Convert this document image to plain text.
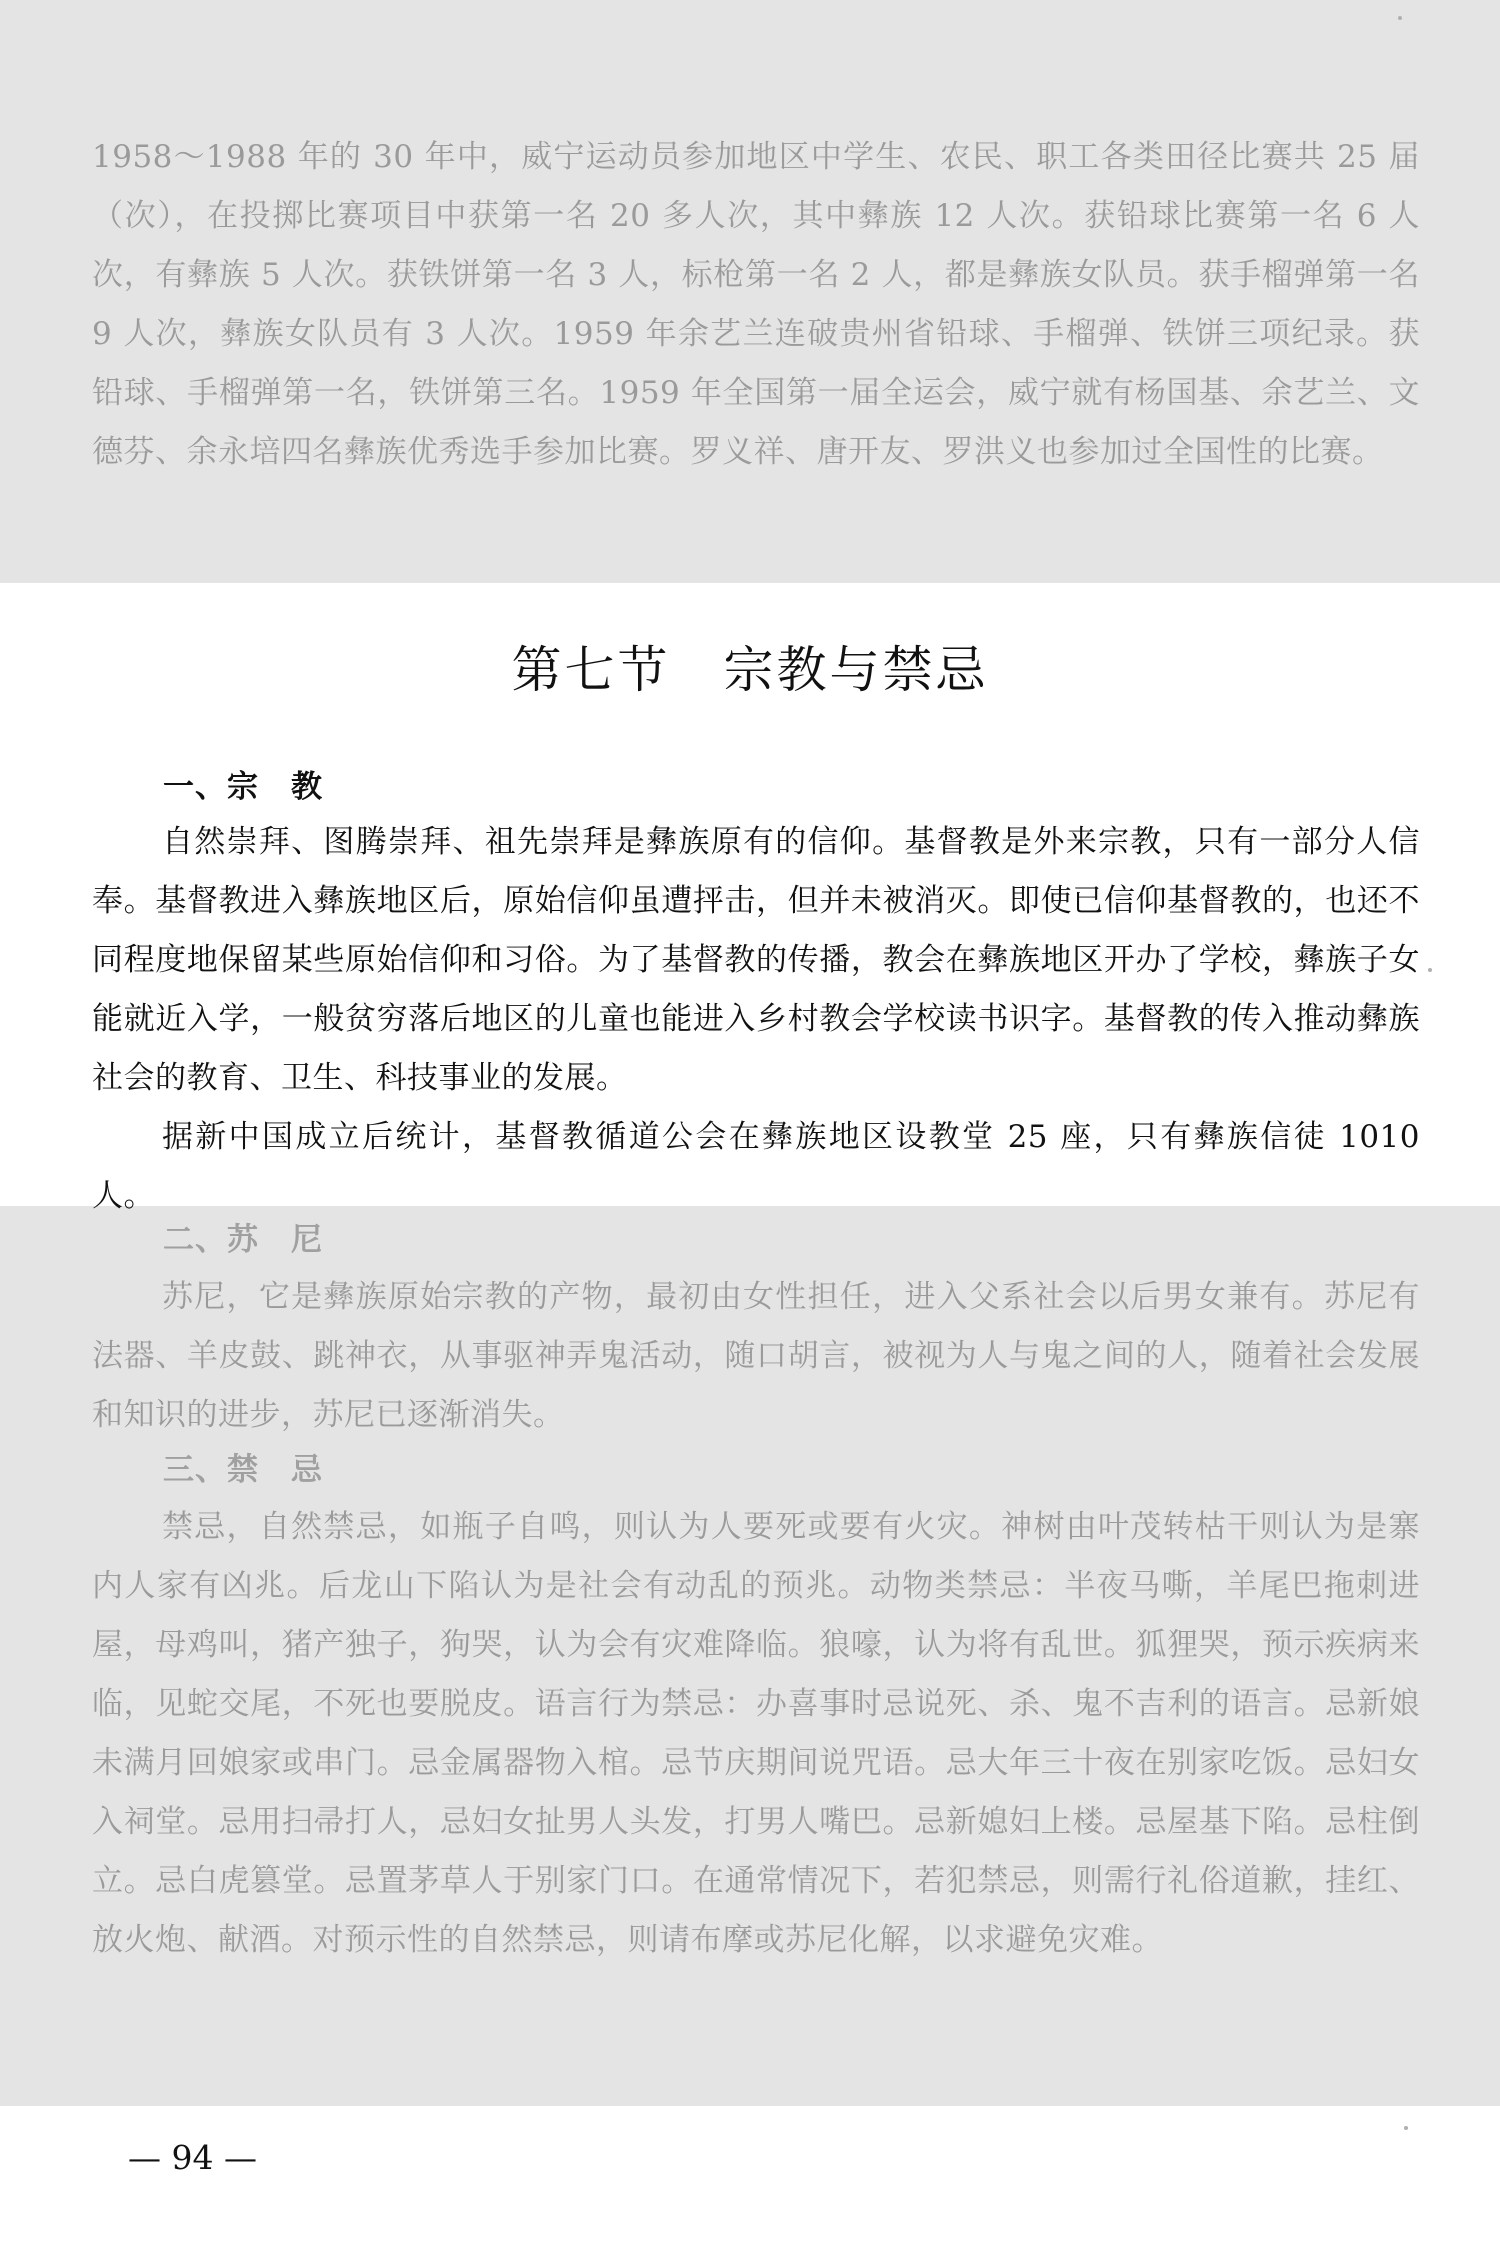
1958～1988 年的 30 年中，威宁运动员参加地区中学生、农民、职工各类田径比赛共 25 届（次），在投掷比赛项目中获第一名 20 多人次，其中彝族 12 人次。获铅球比赛第一名 6 人次，有彝族 5 人次。获铁饼第一名 3 人，标枪第一名 2 人，都是彝族女队员。获手榴弹第一名 9 人次，彝族女队员有 3 人次。1959 年余艺兰连破贵州省铅球、手榴弹、铁饼三项纪录。获铅球、手榴弹第一名，铁饼第三名。1959 年全国第一届全运会，威宁就有杨国基、余艺兰、文德芬、余永培四名彝族优秀选手参加比赛。罗义祥、唐开友、罗洪义也参加过全国性的比赛。

第七节　宗教与禁忌
一、宗　教

自然崇拜、图腾崇拜、祖先崇拜是彝族原有的信仰。基督教是外来宗教，只有一部分人信奉。基督教进入彝族地区后，原始信仰虽遭抨击，但并未被消灭。即使已信仰基督教的，也还不同程度地保留某些原始信仰和习俗。为了基督教的传播，教会在彝族地区开办了学校，彝族子女能就近入学，一般贫穷落后地区的儿童也能进入乡村教会学校读书识字。基督教的传入推动彝族社会的教育、卫生、科技事业的发展。

据新中国成立后统计，基督教循道公会在彝族地区设教堂 25 座，只有彝族信徒 1010 人。

二、苏　尼

苏尼，它是彝族原始宗教的产物，最初由女性担任，进入父系社会以后男女兼有。苏尼有法器、羊皮鼓、跳神衣，从事驱神弄鬼活动，随口胡言，被视为人与鬼之间的人，随着社会发展和知识的进步，苏尼已逐渐消失。

三、禁　忌

禁忌，自然禁忌，如瓶子自鸣，则认为人要死或要有火灾。神树由叶茂转枯干则认为是寨内人家有凶兆。后龙山下陷认为是社会有动乱的预兆。动物类禁忌：半夜马嘶，羊尾巴拖刺进屋，母鸡叫，猪产独子，狗哭，认为会有灾难降临。狼嚎，认为将有乱世。狐狸哭，预示疾病来临，见蛇交尾，不死也要脱皮。语言行为禁忌：办喜事时忌说死、杀、鬼不吉利的语言。忌新娘未满月回娘家或串门。忌金属器物入棺。忌节庆期间说咒语。忌大年三十夜在别家吃饭。忌妇女入祠堂。忌用扫帚打人，忌妇女扯男人头发，打男人嘴巴。忌新媳妇上楼。忌屋基下陷。忌柱倒立。忌白虎篡堂。忌置茅草人于别家门口。在通常情况下，若犯禁忌，则需行礼俗道歉，挂红、放火炮、献酒。对预示性的自然禁忌，则请布摩或苏尼化解，以求避免灾难。

— 94 —
